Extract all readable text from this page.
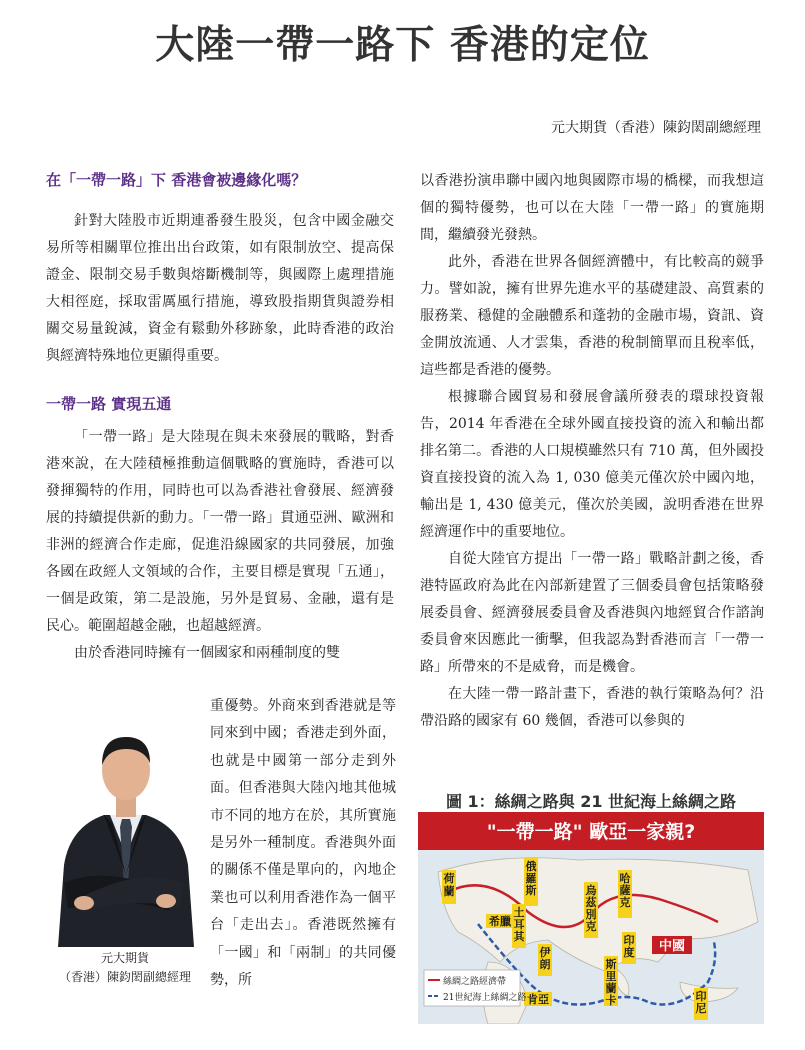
大陸一帶一路下 香港的定位
元大期貨（香港）陳鈞閎副總經理
在「一帶一路」下 香港會被邊緣化嗎？

針對大陸股市近期連番發生股災，包含中國金融交易所等相關單位推出出台政策，如有限制放空、提高保證金、限制交易手數與熔斷機制等，與國際上處理措施大相徑庭，採取雷厲風行措施，導致股指期貨與證券相關交易量銳減，資金有鬆動外移跡象，此時香港的政治與經濟特殊地位更顯得重要。

一帶一路 實現五通

「一帶一路」是大陸現在與未來發展的戰略，對香港來說，在大陸積極推動這個戰略的實施時，香港可以發揮獨特的作用，同時也可以為香港社會發展、經濟發展的持續提供新的動力。「一帶一路」貫通亞洲、歐洲和非洲的經濟合作走廊，促進沿線國家的共同發展，加強各國在政經人文領域的合作，主要目標是實現「五通」，一個是政策，第二是設施，另外是貿易、金融，還有是民心。範圍超越金融，也超越經濟。

由於香港同時擁有一個國家和兩種制度的雙

元大期貨
（香港）陳鈞閎副總經理

重優勢。外商來到香港就是等同來到中國；香港走到外面，也就是中國第一部分走到外面。但香港與大陸內地其他城市不同的地方在於，其所實施是另外一種制度。香港與外面的關係不僅是單向的，內地企業也可以利用香港作為一個平台「走出去」。香港既然擁有「一國」和「兩制」的共同優勢，所

以香港扮演串聯中國內地與國際市場的橋樑，而我想這個的獨特優勢，也可以在大陸「一帶一路」的實施期間，繼續發光發熱。

此外，香港在世界各個經濟體中，有比較高的競爭力。譬如說，擁有世界先進水平的基礎建設、高質素的服務業、穩健的金融體系和蓬勃的金融市場，資訊、資金開放流通、人才雲集，香港的稅制簡單而且稅率低，這些都是香港的優勢。

根據聯合國貿易和發展會議所發表的環球投資報告，2014 年香港在全球外國直接投資的流入和輸出都排名第二。香港的人口規模雖然只有 710 萬，但外國投資直接投資的流入為 1, 030 億美元僅次於中國內地，輸出是 1, 430 億美元，僅次於美國，說明香港在世界經濟運作中的重要地位。

自從大陸官方提出「一帶一路」戰略計劃之後，香港特區政府為此在內部新建置了三個委員會包括策略發展委員會、經濟發展委員會及香港與內地經貿合作諮詢委員會來因應此一衝擊，但我認為對香港而言「一帶一路」所帶來的不是威脅，而是機會。

在大陸一帶一路計畫下，香港的執行策略為何？沿帶沿路的國家有 60 幾個，香港可以參與的

圖 1：絲綢之路與 21 世紀海上絲綢之路
"一帶一路" 歐亞一家親?
荷蘭
俄羅斯
希臘
土耳其
烏茲別克
哈薩克
伊朗
印度
斯里蘭卡
中國
肯亞	印尼
絲綢之路經濟帶
21世紀海上絲綢之路
